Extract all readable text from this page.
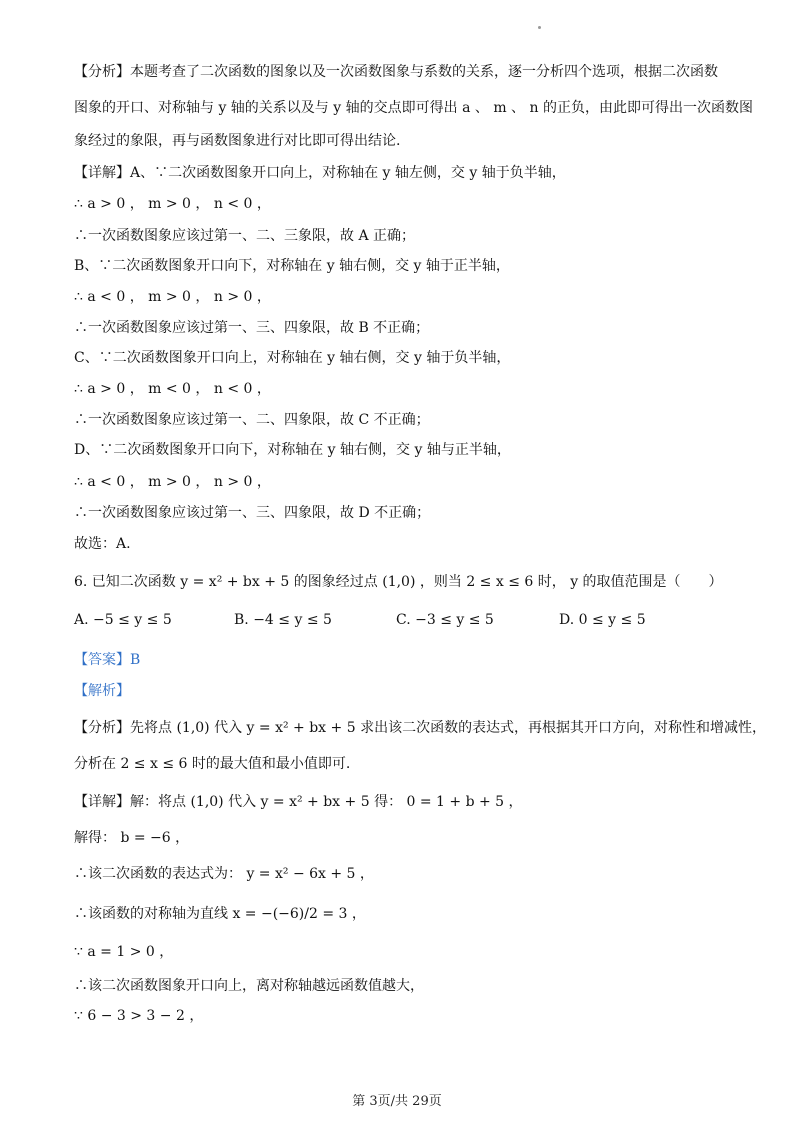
【分析】本题考查了二次函数的图象以及一次函数图象与系数的关系，逐一分析四个选项，根据二次函数
图象的开口、对称轴与 y 轴的关系以及与 y 轴的交点即可得出 a 、 m 、 n 的正负，由此即可得出一次函数图
象经过的象限，再与函数图象进行对比即可得出结论.
【详解】A、∵二次函数图象开口向上，对称轴在 y 轴左侧，交 y 轴于负半轴，
∴ a > 0 ， m > 0 ， n < 0 ，
∴一次函数图象应该过第一、二、三象限，故 A 正确；
B、∵二次函数图象开口向下，对称轴在 y 轴右侧，交 y 轴于正半轴，
∴ a < 0 ， m > 0 ， n > 0 ，
∴一次函数图象应该过第一、三、四象限，故 B 不正确；
C、∵二次函数图象开口向上，对称轴在 y 轴右侧，交 y 轴于负半轴，
∴ a > 0 ， m < 0 ， n < 0 ，
∴一次函数图象应该过第一、二、四象限，故 C 不正确；
D、∵二次函数图象开口向下，对称轴在 y 轴右侧，交 y 轴与正半轴，
∴ a < 0 ， m > 0 ， n > 0 ，
∴一次函数图象应该过第一、三、四象限，故 D 不正确；
故选：A.
6. 已知二次函数 y = x² + bx + 5 的图象经过点 (1,0) ，则当 2 ≤ x ≤ 6 时， y 的取值范围是（　　）
A. −5 ≤ y ≤ 5	B. −4 ≤ y ≤ 5	C. −3 ≤ y ≤ 5	D. 0 ≤ y ≤ 5
【答案】B
【解析】
【分析】先将点 (1,0) 代入 y = x² + bx + 5 求出该二次函数的表达式，再根据其开口方向，对称性和增减性，
分析在 2 ≤ x ≤ 6 时的最大值和最小值即可.
【详解】解：将点 (1,0) 代入 y = x² + bx + 5 得： 0 = 1 + b + 5 ，
解得： b = −6 ，
∴该二次函数的表达式为： y = x² − 6x + 5 ，
∴该函数的对称轴为直线 x = −(−6)/2 = 3 ，
∵ a = 1 > 0 ，
∴该二次函数图象开口向上，离对称轴越远函数值越大，
∵ 6 − 3 > 3 − 2 ，
第 3页/共 29页
